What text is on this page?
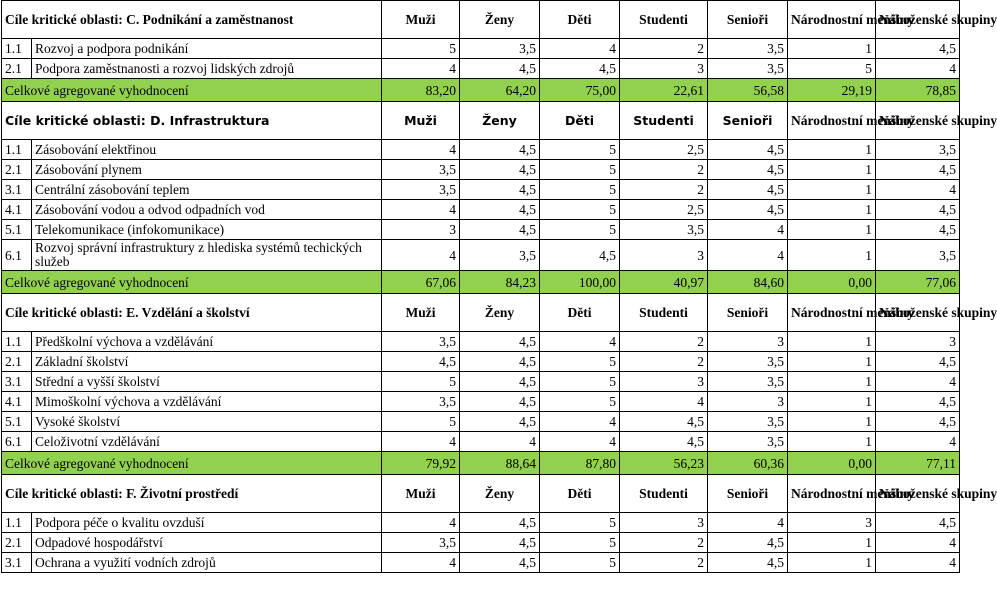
Cíle kritické oblasti: C. Podnikání a zaměstnanost		Muži	Ženy	Děti	Studenti	Senioři	Národnostní menšiny	Náboženské skupiny
1.1	Rozvoj a podpora podnikání	5	3,5	4	2	3,5	1	4,5
2.1	Podpora zaměstnanosti a rozvoj lidských zdrojů	4	4,5	4,5	3	3,5	5	4
Celkové agregované vyhodnocení		83,20	64,20	75,00	22,61	56,58	29,19	78,85
Cíle kritické oblasti: D. Infrastruktura		Muži	Ženy	Děti	Studenti	Senioři	Národnostní menšiny	Náboženské skupiny
1.1	Zásobování elektřinou	4	4,5	5	2,5	4,5	1	3,5
2.1	Zásobování plynem	3,5	4,5	5	2	4,5	1	4,5
3.1	Centrální zásobování teplem	3,5	4,5	5	2	4,5	1	4
4.1	Zásobování vodou a odvod odpadních vod	4	4,5	5	2,5	4,5	1	4,5
5.1	Telekomunikace (infokomunikace)	3	4,5	5	3,5	4	1	4,5
6.1	Rozvoj správní infrastruktury z hlediska systémů techických služeb	4	3,5	4,5	3	4	1	3,5
Celkové agregované vyhodnocení		67,06	84,23	100,00	40,97	84,60	0,00	77,06
Cíle kritické oblasti: E. Vzdělání a školství		Muži	Ženy	Děti	Studenti	Senioři	Národnostní menšiny	Náboženské skupiny
1.1	Předškolní výchova a vzdělávání	3,5	4,5	4	2	3	1	3
2.1	Základní školství	4,5	4,5	5	2	3,5	1	4,5
3.1	Střední a vyšší školství	5	4,5	5	3	3,5	1	4
4.1	Mimoškolní výchova a vzdělávání	3,5	4,5	5	4	3	1	4,5
5.1	Vysoké školství	5	4,5	4	4,5	3,5	1	4,5
6.1	Celoživotní vzdělávání	4	4	4	4,5	3,5	1	4
Celkové agregované vyhodnocení		79,92	88,64	87,80	56,23	60,36	0,00	77,11
Cíle kritické oblasti: F. Životní prostředí		Muži	Ženy	Děti	Studenti	Senioři	Národnostní menšiny	Náboženské skupiny
1.1	Podpora péče o kvalitu ovzduší	4	4,5	5	3	4	3	4,5
2.1	Odpadové hospodářství	3,5	4,5	5	2	4,5	1	4
3.1	Ochrana a využití vodních zdrojů	4	4,5	5	2	4,5	1	4
